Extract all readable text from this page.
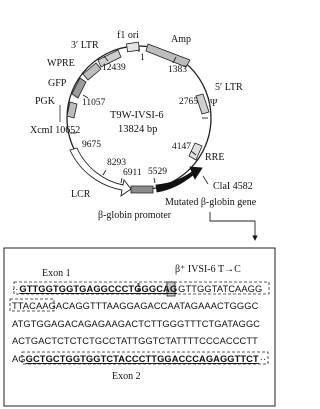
f1 ori	Amp
3′ LTR
WPRE
GFP
PGK
5′ LTR
Ψ
RRE
LCR
β-globin promoter
Mutated β-globin gene
1
1383
12439
11057	2765
4147
9675
8293
6911 5529
T9W-IVSI-6
13824 bp
XcmI 10652
ClaI 4582
Exon 1	β⁺ IVSI-6 T→C
··GTTGGTGGTGAGGCCCTGGGCAGGTTGGTATCAAGG
TTACAAGACAGGTTTAAGGAGACCAATAGAAACTGGGC
ATGTGGAGACAGAGAAGACTCTTGGGTTTCTGATAGGC
ACTGACTCTCTCTGCCTATTGGTCTATTTTCCCACCCTT
AGGCTGCTGGTGGTCTACCCTTGGACCCAGAGGTTCT··
Exon 2
